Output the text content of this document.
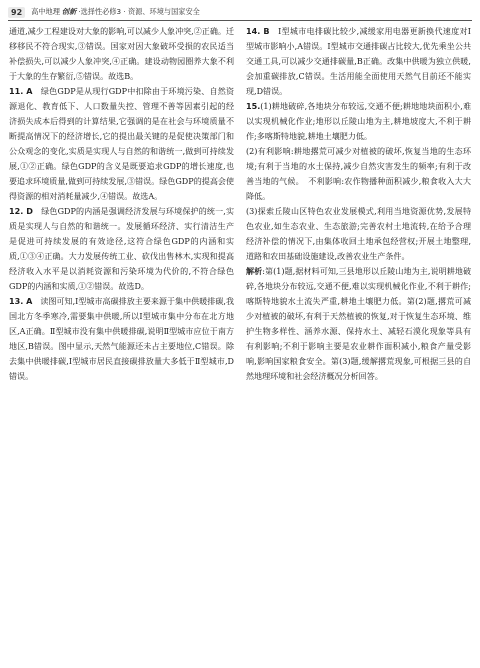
92	高中地理 创新 ·选择性必修3 · 资源、环境与国家安全

通道,减少工程建设对大象的影响,可以减少人象冲突,②正确。迁移移民不符合现实,③错误。国家对因大象破坏受损的农民适当补偿损失,可以减少人象冲突,④正确。建设动物园圈养大象不利于大象的生存繁衍,⑤错误。故选B。

11. A　 绿色GDP是从现行GDP中扣除由于环境污染、自然资源退化、教育低下、人口数量失控、管理不善等因素引起的经济损失成本后得到的计算结果,它强调的是在社会与环境质量不断提高情况下的经济增长,它的提出最关键的是促使决策部门和公众观念的变化,实质是实现人与自然的和谐统一,做到可持续发展,①②正确。绿色GDP的含义是既要追求GDP的增长速度,也要追求环境质量,做到可持续发展,③错误。绿色GDP的提高会使得资源的相对消耗量减少,④错误。故选A。

12. D　 绿色GDP的内涵是强调经济发展与环境保护的统一,实质是实现人与自然的和谐统一。发展循环经济、实行清洁生产是促进可持续发展的有效途径,这符合绿色GDP的内涵和实质,①③④正确。大力发展传统工业、砍伐出售林木,实现和提高经济收入水平是以消耗资源和污染环境为代价的,不符合绿色GDP的内涵和实质,①②错误。故选D。

13. A　 读图可知,Ⅰ型城市高碳排放主要来源于集中供暖排碳,我国北方冬季寒冷,需要集中供暖,所以Ⅰ型城市集中分布在北方地区,A正确。Ⅱ型城市没有集中供暖排碳,说明Ⅱ型城市应位于南方地区,B错误。图中显示,天然气能源还未占主要地位,C错误。除去集中供暖排碳,Ⅰ型城市居民直接碳排放量大多低于Ⅱ型城市,D错误。

14. B　 Ⅰ型城市电排碳比较少,减缓家用电器更新换代速度对Ⅰ型城市影响小,A错误。Ⅰ型城市交通排碳占比较大,优先乘坐公共交通工具,可以减少交通排碳量,B正确。改集中供暖为独立供暖,会加重碳排放,C错误。生活用能全面使用天然气目前还不能实现,D错误。

15.(1)耕地破碎,各地块分布较远,交通不便;耕地地块面积小,难以实现机械化作业;地形以丘陵山地为主,耕地坡度大,不利于耕作;多喀斯特地貌,耕地土壤肥力低。

(2)有利影响:耕地撂荒可减少对植被的破坏,恢复当地的生态环境;有利于当地的水土保持,减少自然灾害发生的频率;有利于改善当地的气候。　不利影响:农作物播种面积减少,粮食收入大大降低。

(3)探索丘陵山区特色农业发展模式,利用当地资源优势,发展特色农业,如生态农业、生态旅游;完善农村土地流转,在给予合理经济补偿的情况下,由集体收回土地承包经营权;开展土地整理,道路和农田基础设施建设,改善农业生产条件。

解析:第(1)题,据材料可知,三县地形以丘陵山地为主,说明耕地破碎,各地块分布较远,交通不便,难以实现机械化作业,不利于耕作;喀斯特地貌水土流失严重,耕地土壤肥力低。第(2)题,撂荒可减少对植被的破坏,有利于天然植被的恢复,对于恢复生态环境、维护生物多样性、涵养水源、保持水土、减轻石漠化现象等具有有利影响;不利于影响主要是农业耕作面积减小,粮食产量受影响,影响国家粮食安全。第(3)题,缓解撂荒现象,可根据三县的自然地理环境和社会经济概况分析回答。
